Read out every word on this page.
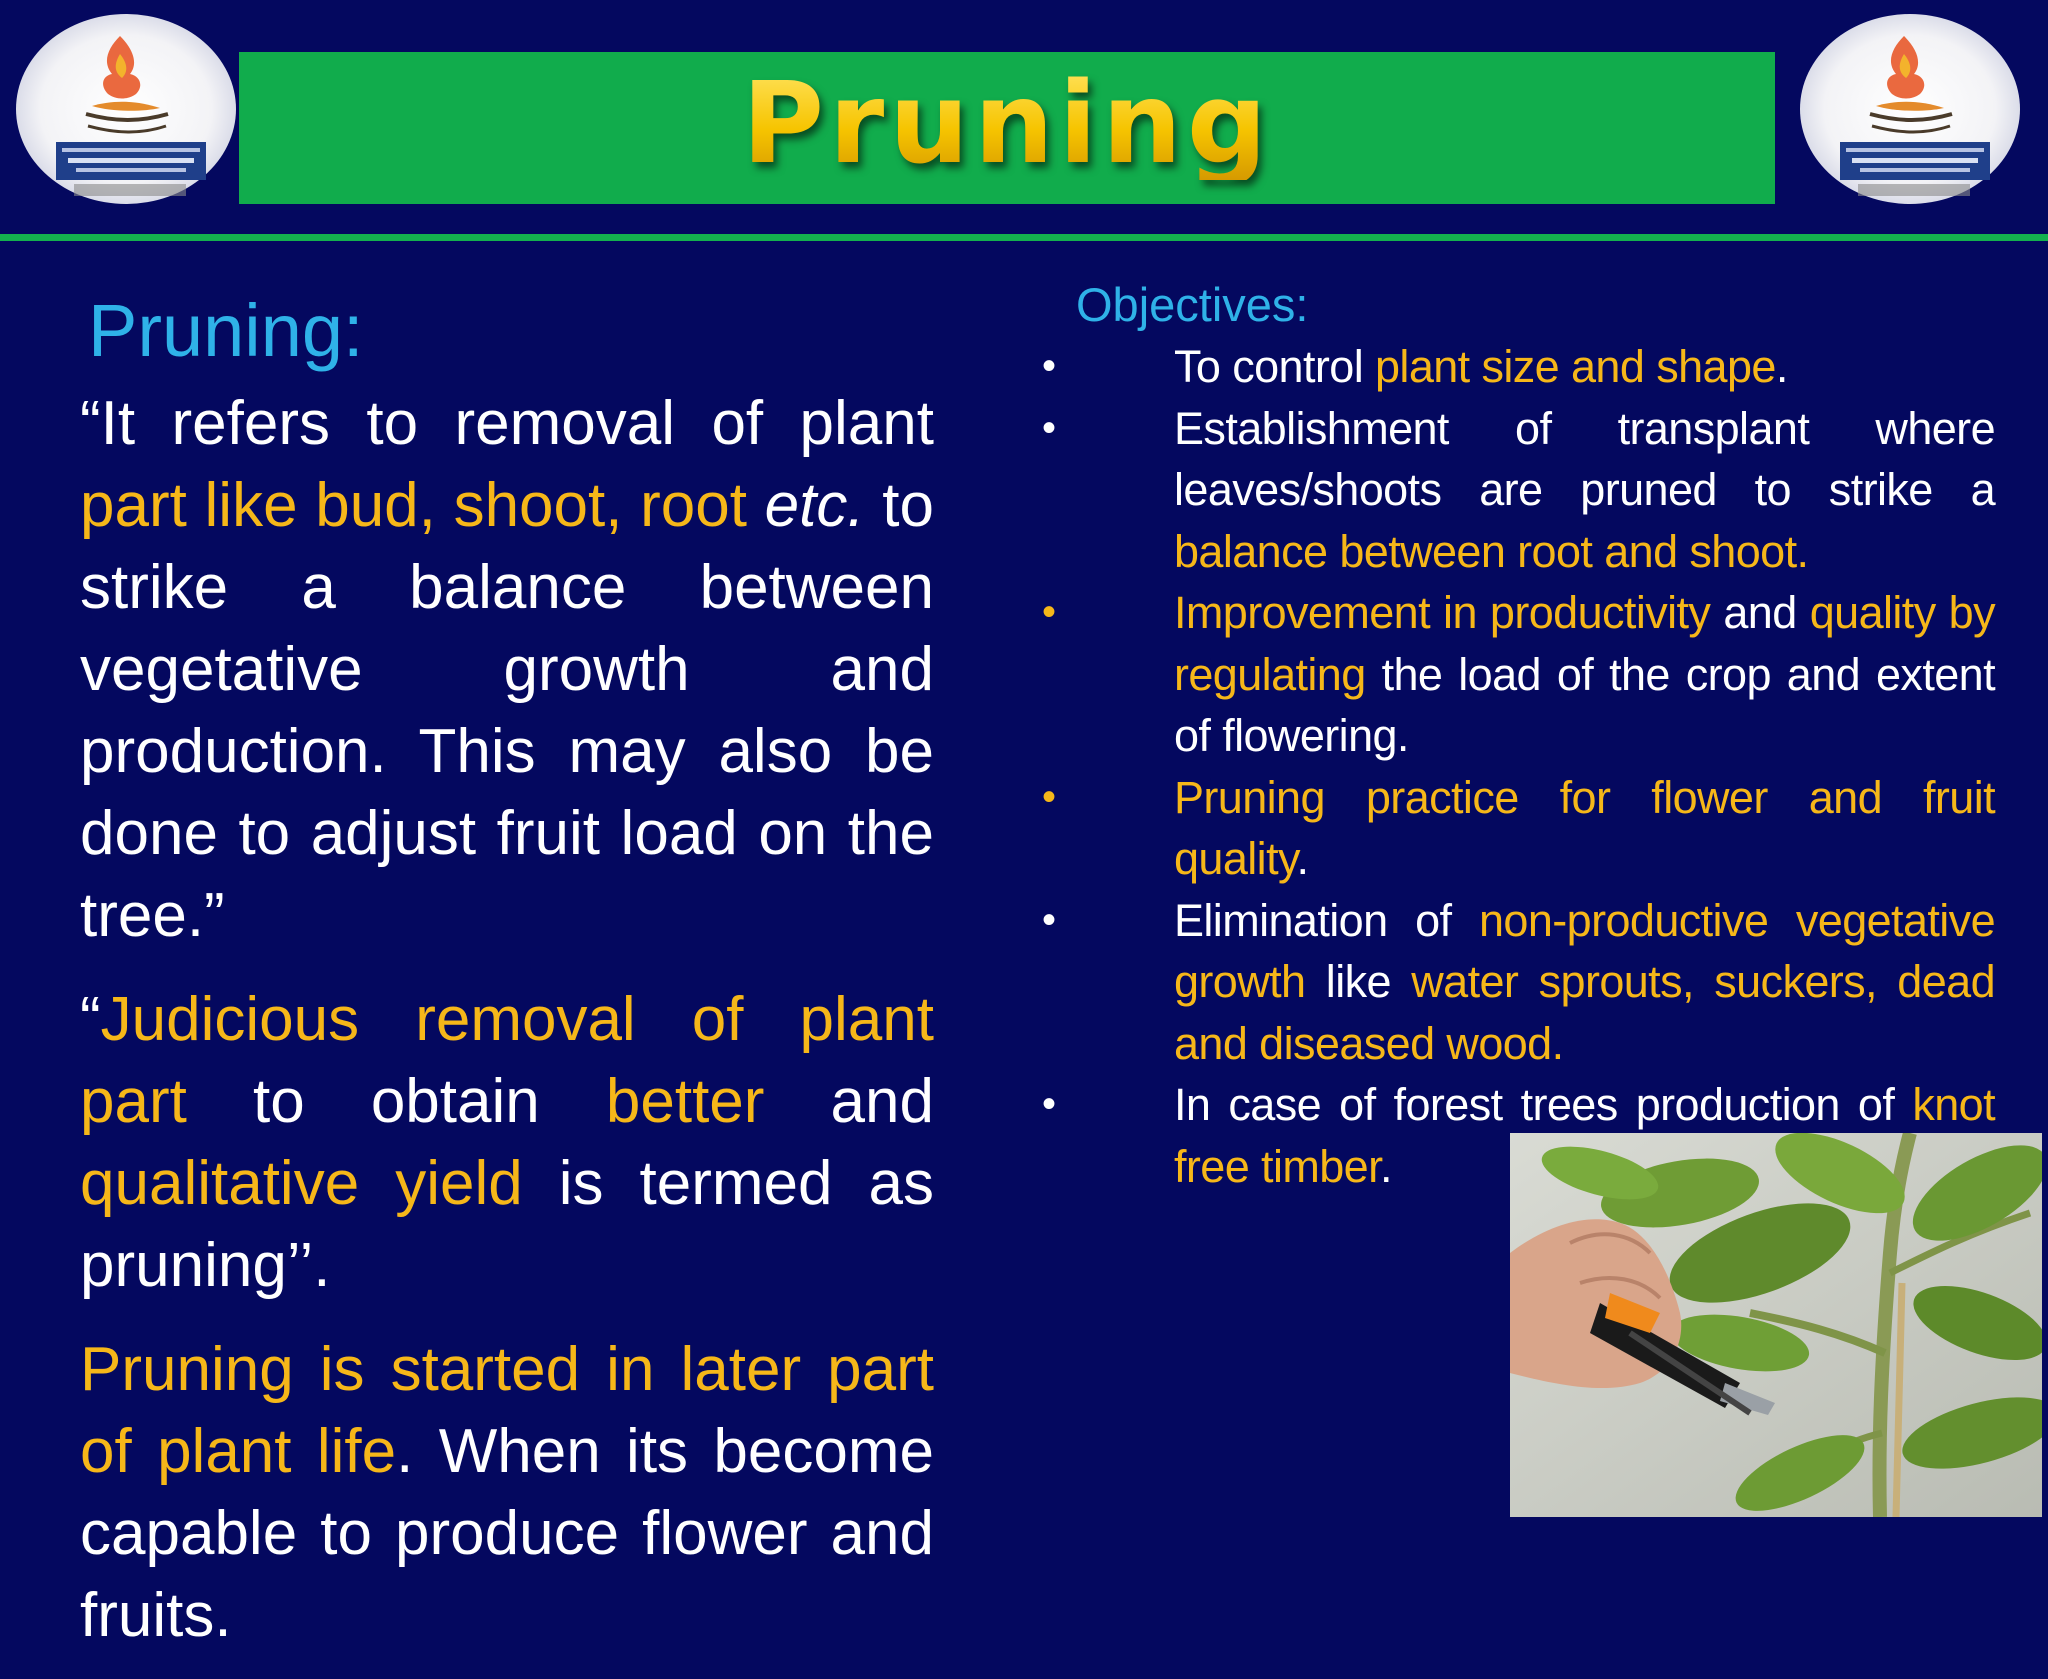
Pruning
Pruning:

“It refers to removal of plant part like bud, shoot, root etc. to strike a balance between vegetative growth and production. This may also be done to adjust fruit load on the tree.”

“Judicious removal of plant part to obtain better and qualitative yield is termed as pruning’’.

Pruning is started in later part of plant life. When its become capable to produce flower and fruits.

Objectives:
•	To control plant size and shape.
•	Establishment of transplant where leaves/shoots are pruned to strike a balance between root and shoot.
•	Improvement in productivity and quality by regulating the load of the crop and extent of flowering.
•	Pruning practice for flower and fruit quality.
•	Elimination of non-productive vegetative growth like water sprouts, suckers, dead and diseased wood.
•	In case of forest trees production of knot free timber.
